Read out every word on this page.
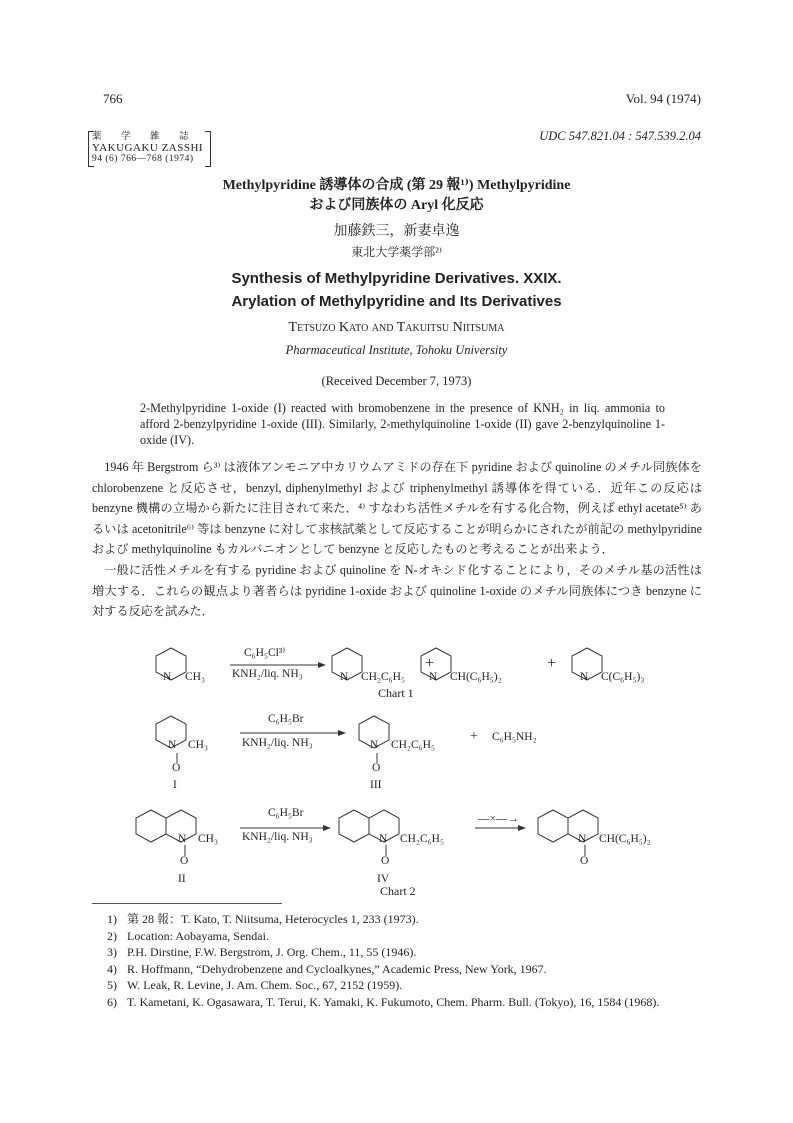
766	Vol. 94 (1974)
薬　学　雑　誌
YAKUGAKU ZASSHI
94 (6) 766—768 (1974)
UDC 547.821.04 : 547.539.2.04
Methylpyridine 誘導体の合成 (第 29 報¹⁾) Methylpyridine
および同族体の Aryl 化反応
加藤鉄三，新妻卓逸
東北大学薬学部²⁾
Synthesis of Methylpyridine Derivatives. XXIX.
Arylation of Methylpyridine and Its Derivatives
Tetsuzo Kato and Takuitsu Niitsuma
Pharmaceutical Institute, Tohoku University
(Received December 7, 1973)
2-Methylpyridine 1-oxide (I) reacted with bromobenzene in the presence of KNH₂ in liq. ammonia to afford 2-benzylpyridine 1-oxide (III). Similarly, 2-methylquinoline 1-oxide (II) gave 2-benzylquinoline 1-oxide (IV).

1946 年 Bergstrom ら³⁾ は液体アンモニア中カリウムアミドの存在下 pyridine および quinoline のメチル同族体を chlorobenzene と反応させ，benzyl, diphenylmethyl および triphenylmethyl 誘導体を得ている．近年この反応は benzyne 機構の立場から新たに注目されて来た．⁴⁾ すなわち活性メチルを有する化合物，例えば ethyl acetate⁵⁾ あるいは acetonitrile⁶⁾ 等は benzyne に対して求核試薬として反応することが明らかにされたが前記の methylpyridine および methylquinoline もカルバニオンとして benzyne と反応したものと考えることが出来よう．

一般に活性メチルを有する pyridine および quinoline を N-オキシド化することにより，そのメチル基の活性は増大する．これらの観点より著者らは pyridine 1-oxide および quinoline 1-oxide のメチル同族体につき benzyne に対する反応を試みた．

C₆H₅Cl³⁾
KNH₂/liq. NH₃
N CH₃	N CH₂C₆H₅
+
N CH(C₆H₅)₂
+
N C(C₆H₅)₃
Chart 1
C₆H₅Br
KNH₂/liq. NH₃
N CH₃
O
I
N CH₂C₆H₅
O
III
+ C₆H₅NH₂
C₆H₅Br
KNH₂/liq. NH₃
N CH₃
O
II
N CH₂C₆H₅
O
IV
—×—→
N CH(C₆H₅)₂
O
Chart 2
1) 第 28 報：T. Kato, T. Niitsuma, Heterocycles 1, 233 (1973).
2) Location: Aobayama, Sendai.
3) P.H. Dirstine, F.W. Bergstrom, J. Org. Chem., 11, 55 (1946).
4) R. Hoffmann, “Dehydrobenzene and Cycloalkynes,” Academic Press, New York, 1967.
5) W. Leak, R. Levine, J. Am. Chem. Soc., 67, 2152 (1959).
6) T. Kametani, K. Ogasawara, T. Terui, K. Yamaki, K. Fukumoto, Chem. Pharm. Bull. (Tokyo), 16, 1584 (1968).
